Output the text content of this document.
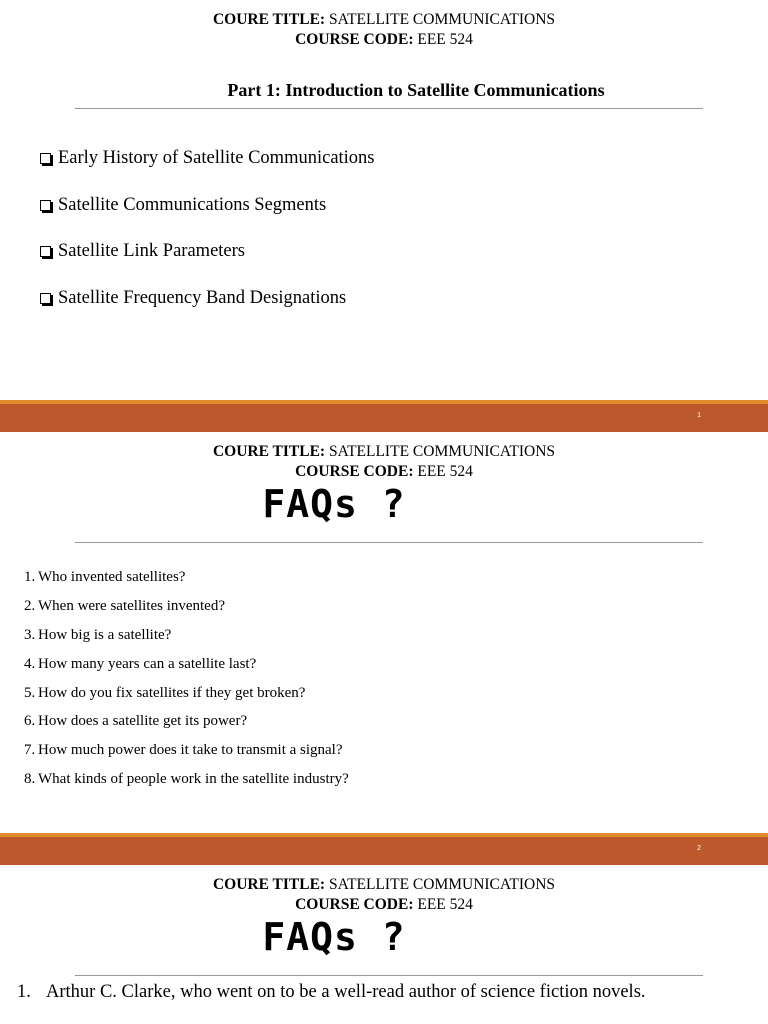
COURE TITLE: SATELLITE COMMUNICATIONS
COURSE CODE: EEE 524
Part 1: Introduction to Satellite Communications
Early History of Satellite Communications
Satellite Communications Segments
Satellite Link Parameters
Satellite Frequency Band Designations
1
COURE TITLE: SATELLITE COMMUNICATIONS
COURSE CODE: EEE 524
FAQs ?
1. Who invented satellites?
2. When were satellites invented?
3. How big is a satellite?
4. How many years can a satellite last?
5. How do you fix satellites if they get broken?
6. How does a satellite get its power?
7. How much power does it take to transmit a signal?
8. What kinds of people work in the satellite industry?
2
COURE TITLE: SATELLITE COMMUNICATIONS
COURSE CODE: EEE 524
FAQs ?
1. Arthur C. Clarke, who went on to be a well-read author of science fiction novels.
